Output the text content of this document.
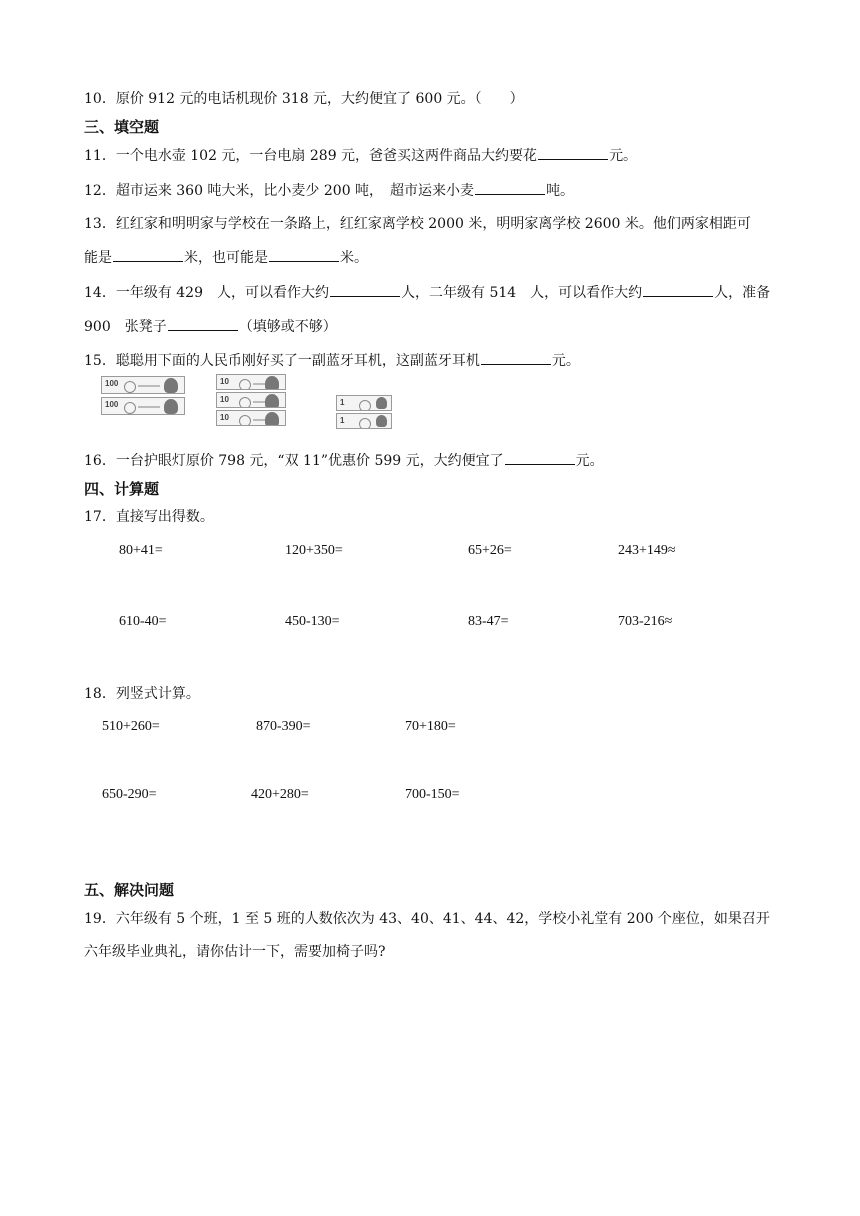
10．原价 912 元的电话机现价 318 元，大约便宜了 600 元。（　　）
三、填空题
11．一个电水壶 102 元，一台电扇 289 元，爸爸买这两件商品大约要花	元。
12．超市运来 360 吨大米，比小麦少 200 吨，　超市运来小麦	吨。
13．红红家和明明家与学校在一条路上，红红家离学校 2000 米，明明家离学校 2600 米。他们两家相距可
能是	米，也可能是	米。
14．一年级有 429　人，可以看作大约	人，二年级有 514　人，可以看作大约	人，准备
900　张凳子	（填够或不够）
15．聪聪用下面的人民币刚好买了一副蓝牙耳机，这副蓝牙耳机	元。
100
100
10
10
10
1
1
16．一台护眼灯原价 798 元，“双 11”优惠价 599 元，大约便宜了	元。
四、计算题
17．直接写出得数。
80+41=	120+350=	65+26=	243+149≈
610-40=	450-130=	83-47=	703-216≈
18．列竖式计算。
510+260=	870-390=	70+180=
650-290=	420+280=	700-150=
五、解决问题
19．六年级有 5 个班，1 至 5 班的人数依次为 43、40、41、44、42，学校小礼堂有 200 个座位，如果召开
六年级毕业典礼，请你估计一下，需要加椅子吗?
